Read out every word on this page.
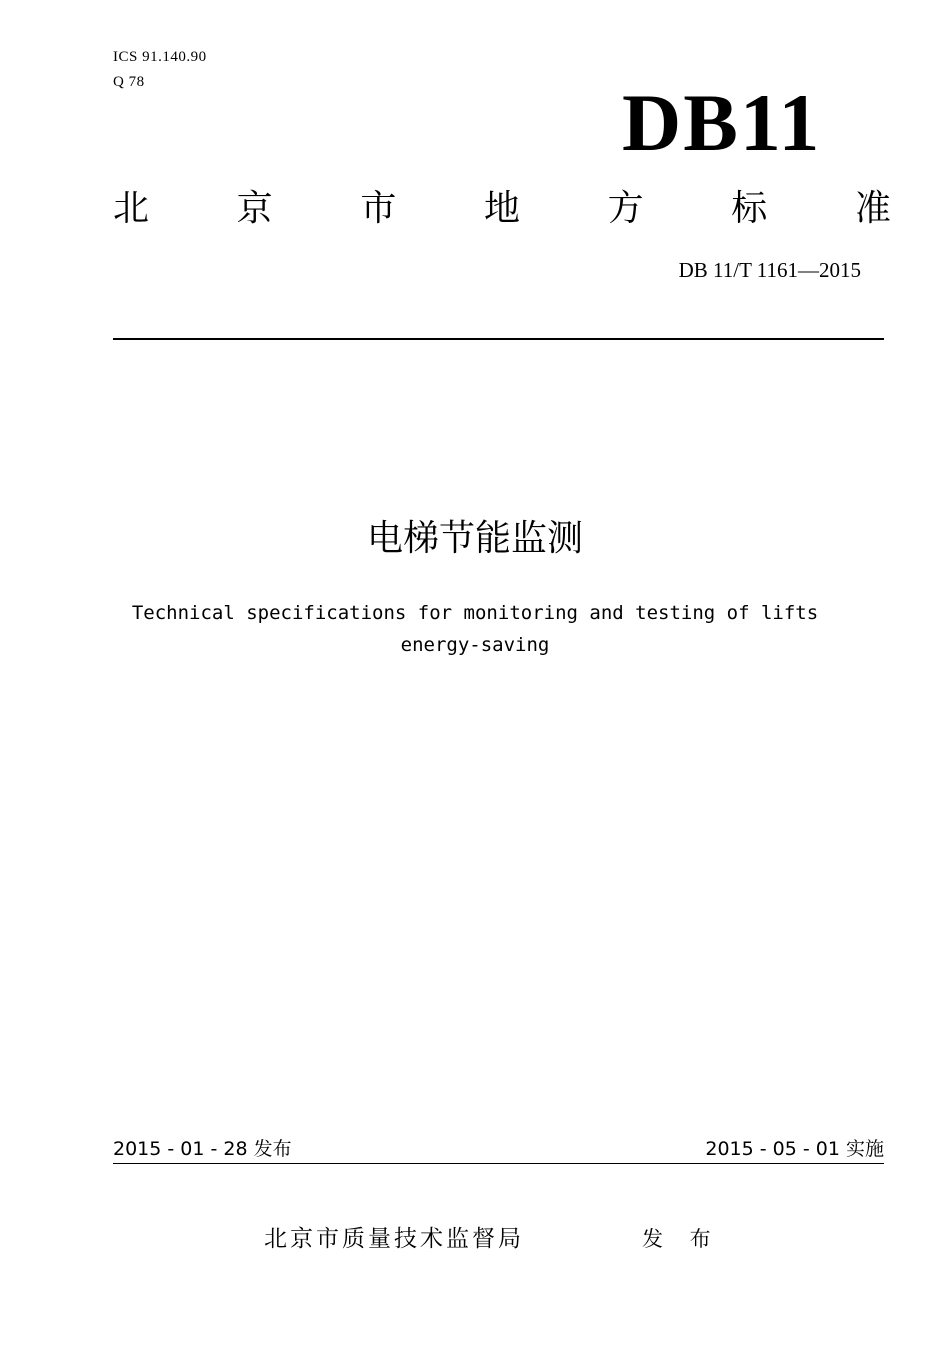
ICS 91.140.90
Q 78	DB11
北 京 市 地 方 标 准
DB 11/T 1161—2015
电梯节能监测
Technical specifications for monitoring and testing of lifts
energy-saving
2015 - 01 - 28 发布	2015 - 05 - 01 实施
北京市质量技术监督局	发 布
